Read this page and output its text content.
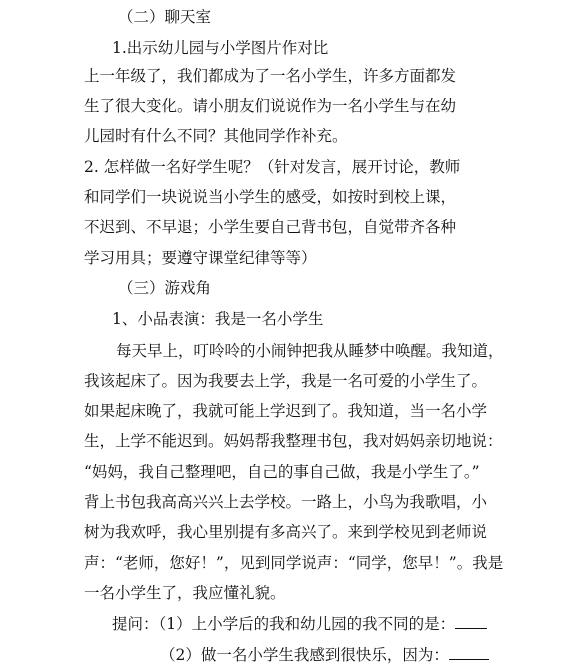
（二）聊天室
1.出示幼儿园与小学图片作对比
上一年级了，我们都成为了一名小学生，许多方面都发
生了很大变化。请小朋友们说说作为一名小学生与在幼
儿园时有什么不同？其他同学作补充。
2. 怎样做一名好学生呢？（针对发言，展开讨论，教师
和同学们一块说说当小学生的感受，如按时到校上课，
不迟到、不早退；小学生要自己背书包，自觉带齐各种
学习用具；要遵守课堂纪律等等）
（三）游戏角
1、小品表演：我是一名小学生
每天早上，叮呤呤的小闹钟把我从睡梦中唤醒。我知道，
我该起床了。因为我要去上学，我是一名可爱的小学生了。
如果起床晚了，我就可能上学迟到了。我知道，当一名小学
生，上学不能迟到。妈妈帮我整理书包，我对妈妈亲切地说：
“妈妈，我自己整理吧，自己的事自己做，我是小学生了。”
背上书包我高高兴兴上去学校。一路上，小鸟为我歌唱，小
树为我欢呼，我心里别提有多高兴了。来到学校见到老师说
声：“老师，您好！”，见到同学说声：“同学，您早！”。我是
一名小学生了，我应懂礼貌。
提问：（1）上小学后的我和幼儿园的我不同的是：
（2）做一名小学生我感到很快乐，因为：
